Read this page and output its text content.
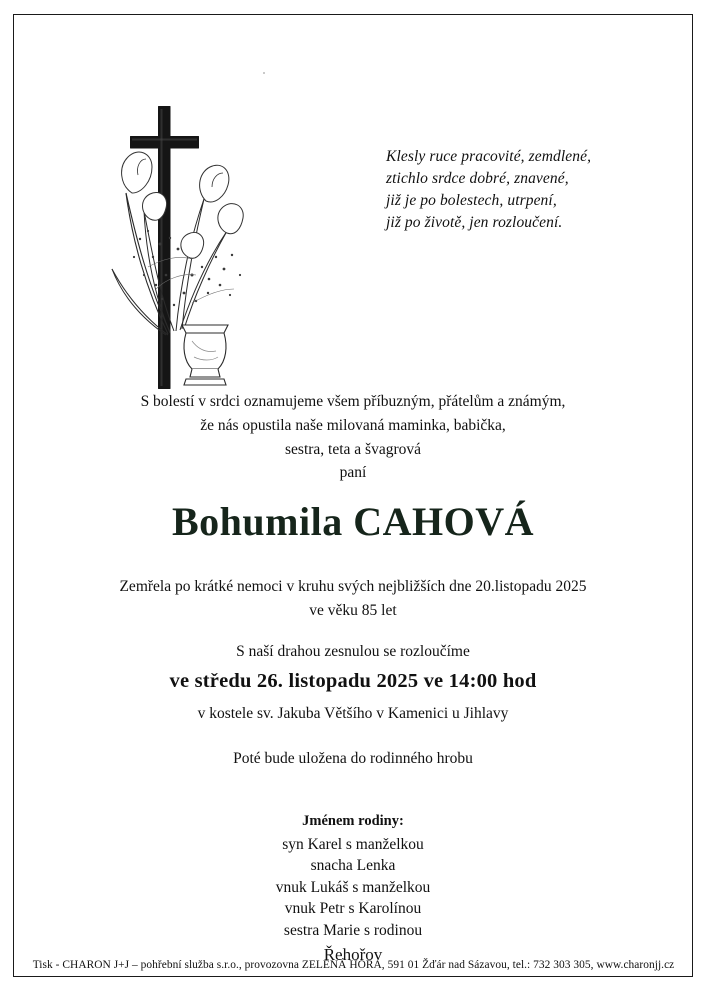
Klesly ruce pracovité, zemdlené,
ztichlo srdce dobré, znavené,
již je po bolestech, utrpení,
již po životě, jen rozloučení.
S bolestí v srdci oznamujeme všem příbuzným, přátelům a známým,
že nás opustila naše milovaná maminka, babička,
sestra, teta a švagrová
paní
Bohumila CAHOVÁ
Zemřela po krátké nemoci v kruhu svých nejbližších dne 20.listopadu 2025
ve věku 85 let
S naší drahou zesnulou se rozloučíme
ve středu 26. listopadu 2025 ve 14:00 hod
v kostele sv. Jakuba Většího v Kamenici u Jihlavy
Poté bude uložena do rodinného hrobu
Jménem rodiny:
syn Karel s manželkou
snacha Lenka
vnuk Lukáš s manželkou
vnuk Petr s Karolínou
sestra Marie s rodinou
Řehořov
Tisk - CHARON J+J – pohřební služba s.r.o., provozovna ZELENÁ HORA, 591 01 Žďár nad Sázavou, tel.: 732 303 305, www.charonjj.cz
